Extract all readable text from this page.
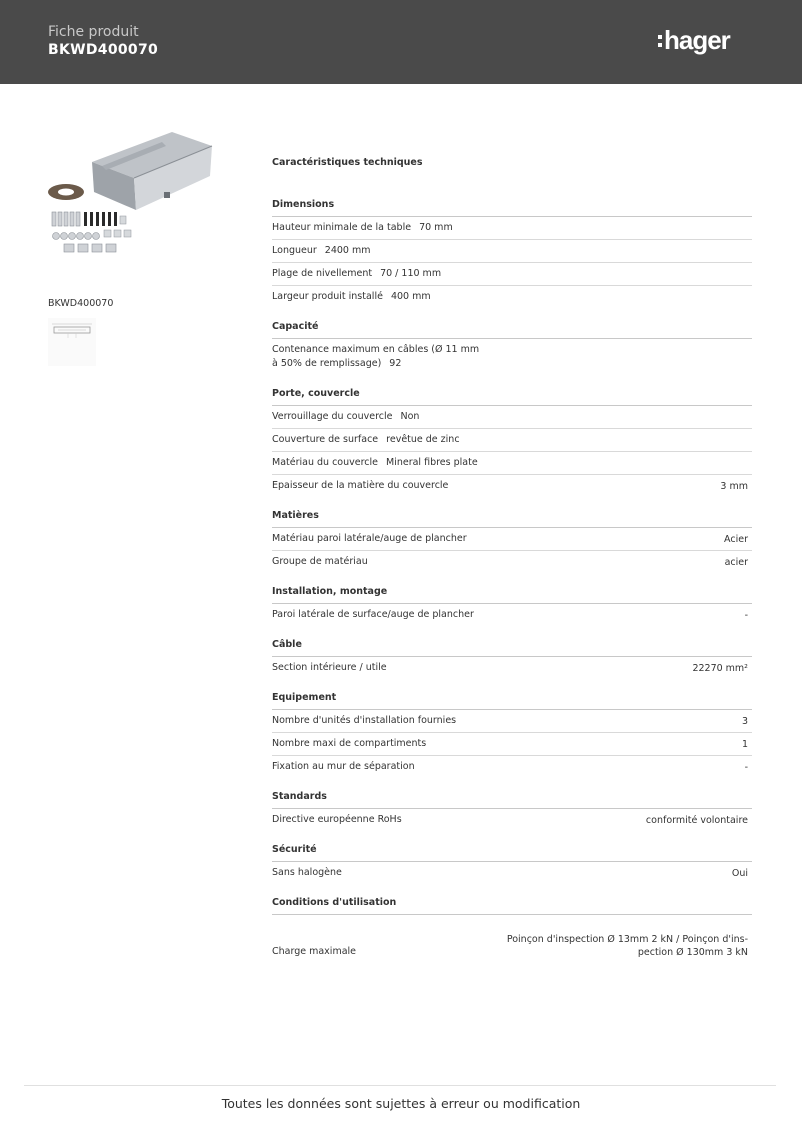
Fiche produit
BKWD400070	hager
BKWD400070
Caractéristiques techniques
Dimensions
Hauteur minimale de la table 70 mm
Longueur 2400 mm
Plage de nivellement 70 / 110 mm
Largeur produit installé 400 mm
Capacité
Contenance maximum en câbles (Ø 11 mm
à 50% de remplissage) 92
Porte, couvercle
Verrouillage du couvercle Non
Couverture de surface revêtue de zinc
Matériau du couvercle Mineral fibres plate
Epaisseur de la matière du couvercle	3 mm
Matières
Matériau paroi latérale/auge de plancher	Acier
Groupe de matériau	acier
Installation, montage
Paroi latérale de surface/auge de plancher	-
Câble
Section intérieure / utile	22270 mm²
Equipement
Nombre d'unités d'installation fournies	3
Nombre maxi de compartiments	1
Fixation au mur de séparation	-
Standards
Directive européenne RoHs	conformité volontaire
Sécurité
Sans halogène	Oui
Conditions d'utilisation
Charge maximale
Poinçon d'inspection Ø 13mm 2 kN / Poinçon d'ins-
pection Ø 130mm 3 kN
Toutes les données sont sujettes à erreur ou modification
